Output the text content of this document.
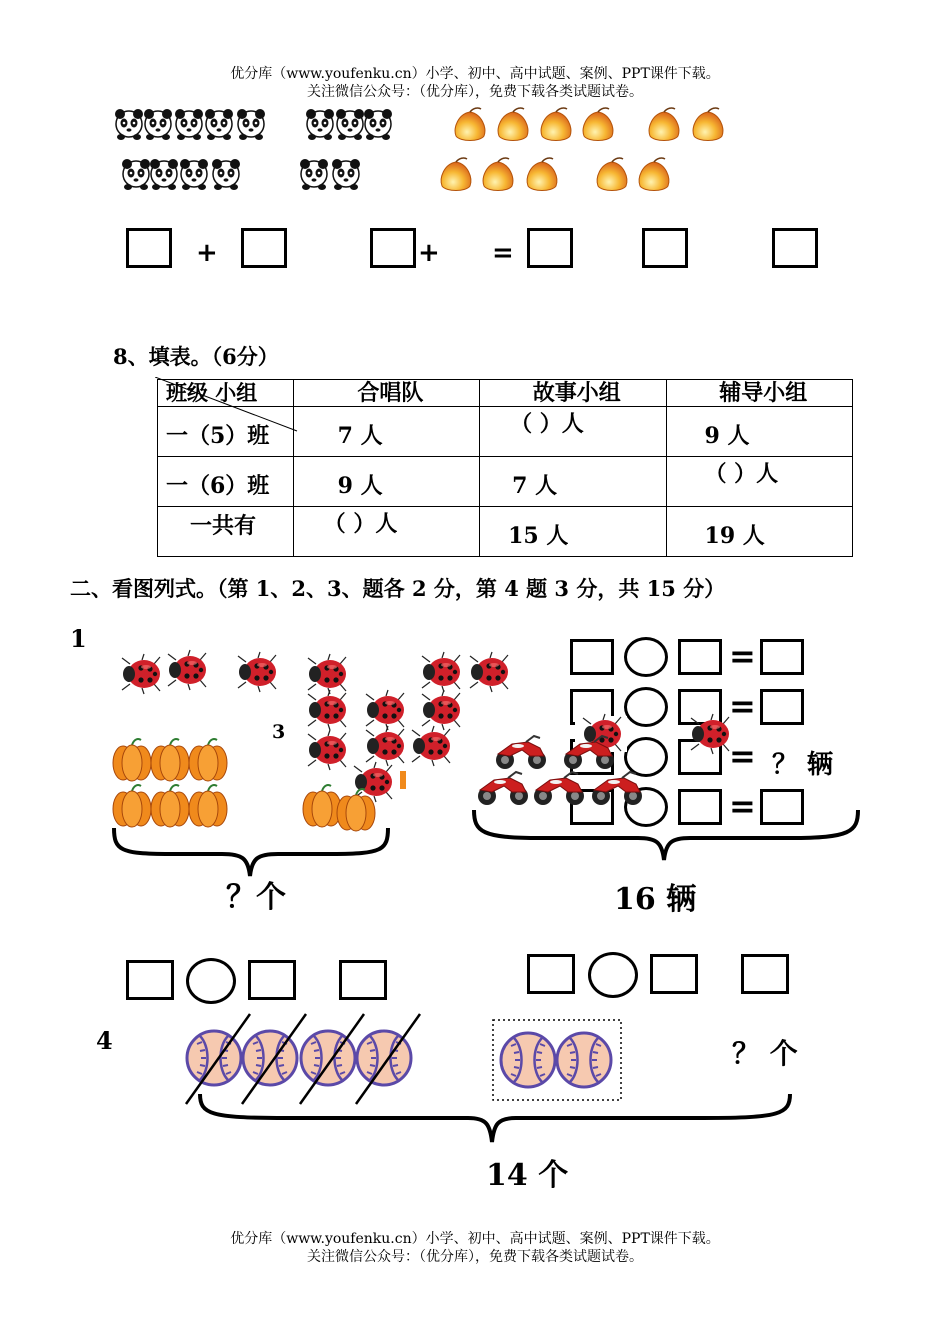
优分库（www.youfenku.cn）小学、初中、高中试题、案例、PPT课件下载。
关注微信公众号：（优分库），免费下载各类试题试卷。
+	+ =
8、填表。（6分）
班级 小组	合唱队	故事小组	辅导小组
一（5）班	7 人	（ ）人	9 人
一（6）班	9 人	7 人	（ ）人
一共有	（ ）人	15 人	19 人
二、看图列式。（第 1、2、3、题各 2 分，第 4 题 3 分，共 15 分）
1
3
？个
=
=
=
=
？ 辆
16 辆
4	？ 个
14 个
优分库（www.youfenku.cn）小学、初中、高中试题、案例、PPT课件下载。
关注微信公众号：（优分库），免费下载各类试题试卷。
